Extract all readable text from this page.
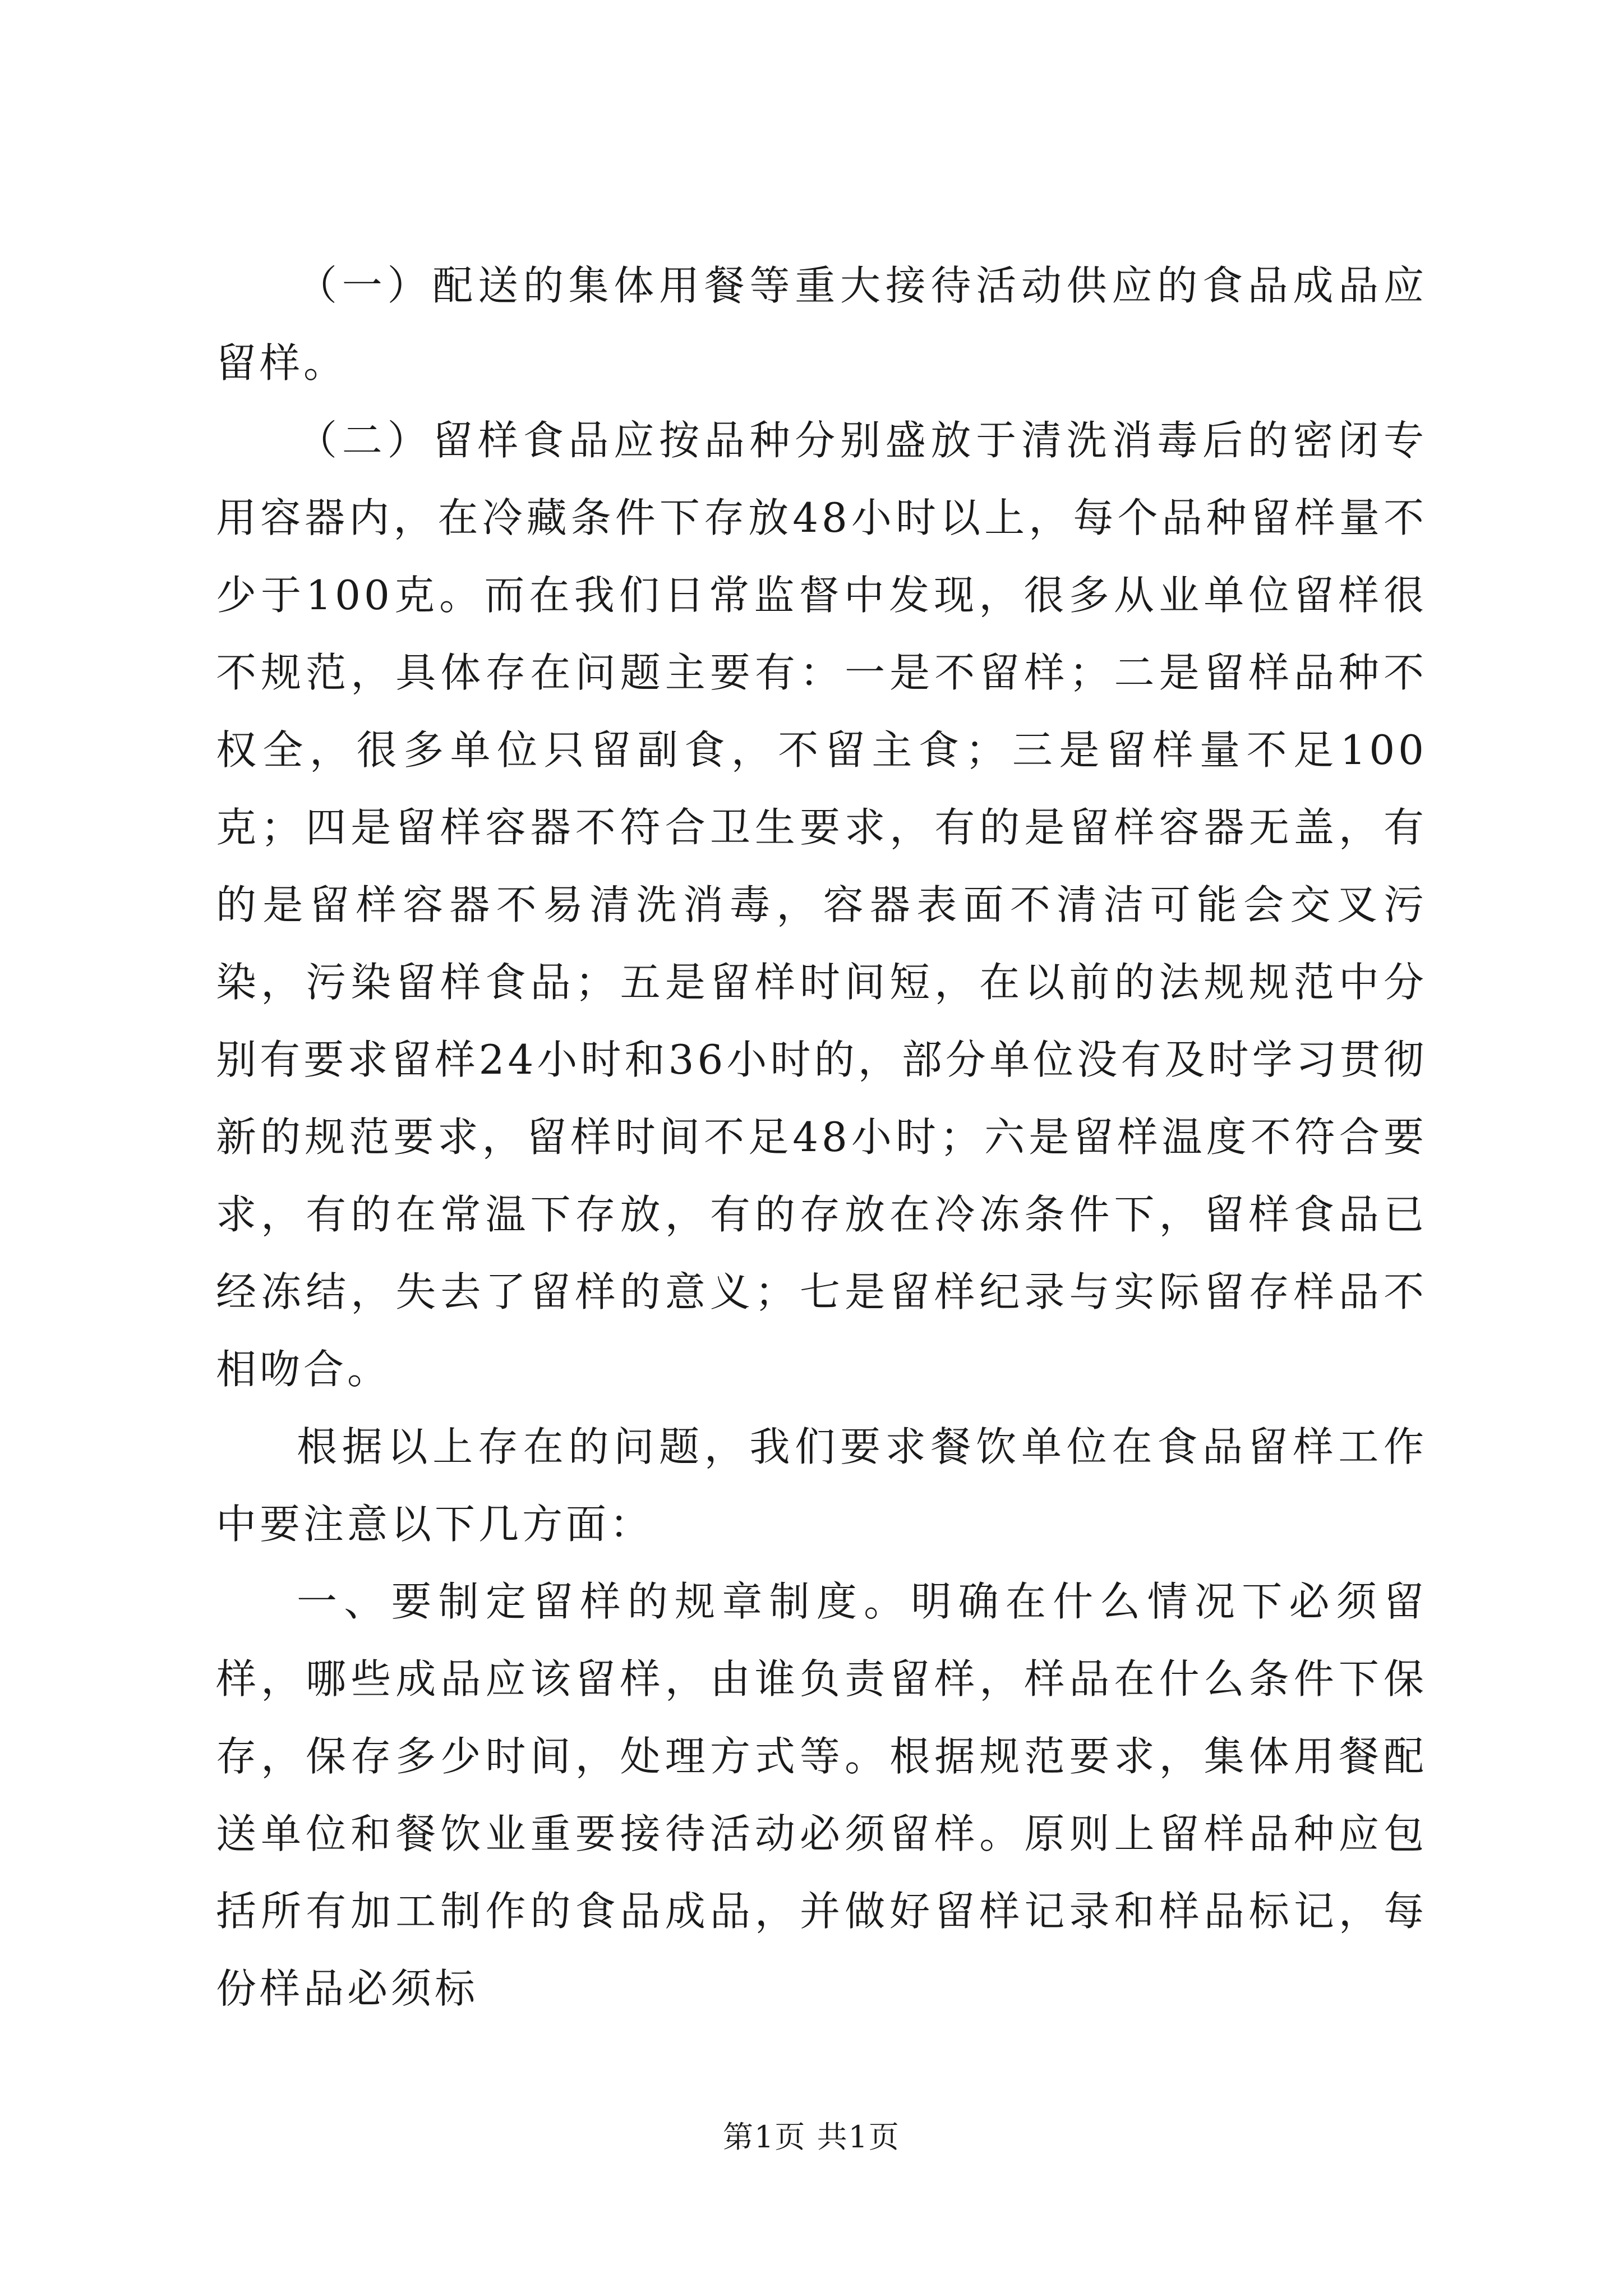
（一）配送的集体用餐等重大接待活动供应的食品成品应留样。

（二）留样食品应按品种分别盛放于清洗消毒后的密闭专用容器内，在冷藏条件下存放48小时以上，每个品种留样量不少于100克。而在我们日常监督中发现，很多从业单位留样很不规范，具体存在问题主要有：一是不留样；二是留样品种不权全，很多单位只留副食，不留主食；三是留样量不足100克；四是留样容器不符合卫生要求，有的是留样容器无盖，有的是留样容器不易清洗消毒，容器表面不清洁可能会交叉污染，污染留样食品；五是留样时间短，在以前的法规规范中分别有要求留样24小时和36小时的，部分单位没有及时学习贯彻新的规范要求，留样时间不足48小时；六是留样温度不符合要求，有的在常温下存放，有的存放在冷冻条件下，留样食品已经冻结，失去了留样的意义；七是留样纪录与实际留存样品不相吻合。

根据以上存在的问题，我们要求餐饮单位在食品留样工作中要注意以下几方面：

一、要制定留样的规章制度。明确在什么情况下必须留样，哪些成品应该留样，由谁负责留样，样品在什么条件下保存，保存多少时间，处理方式等。根据规范要求，集体用餐配送单位和餐饮业重要接待活动必须留样。原则上留样品种应包括所有加工制作的食品成品，并做好留样记录和样品标记，每份样品必须标

第1页 共1页
